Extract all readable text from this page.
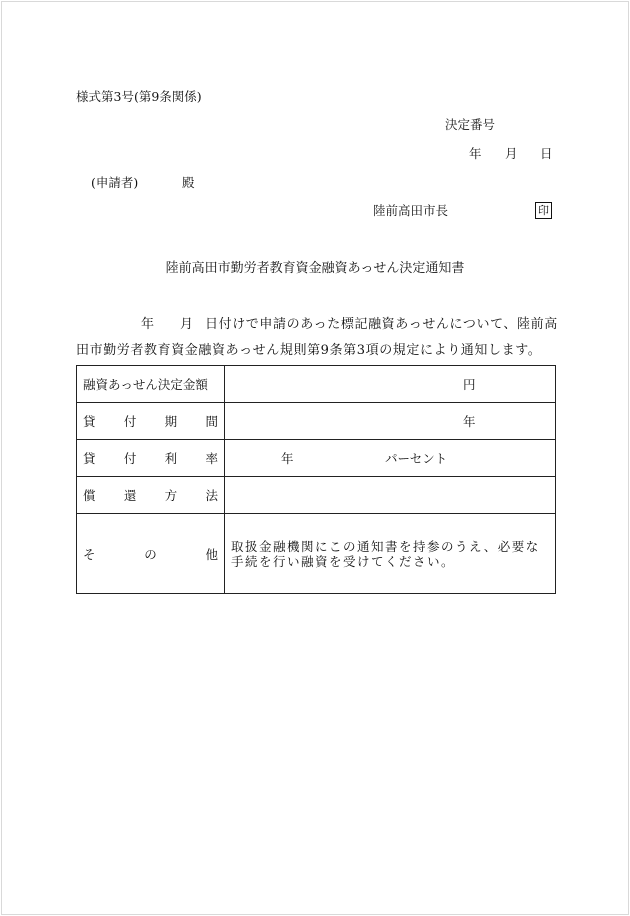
様式第3号(第9条関係)
決定番号
年 月 日
(申請者)	殿
陸前高田市長	印
陸前高田市勤労者教育資金融資あっせん決定通知書
年 月 日付けで申請のあった標記融資あっせんについて、陸前高
田市勤労者教育資金融資あっせん規則第9条第3項の規定により通知します。
融資あっせん決定金額	円

貸 付 期 間	年

貸 付 利 率	年 パーセント

償 還 方 法	

そ の 他	取扱金融機関にこの通知書を持参のうえ、必要な手続を行い融資を受けてください。
